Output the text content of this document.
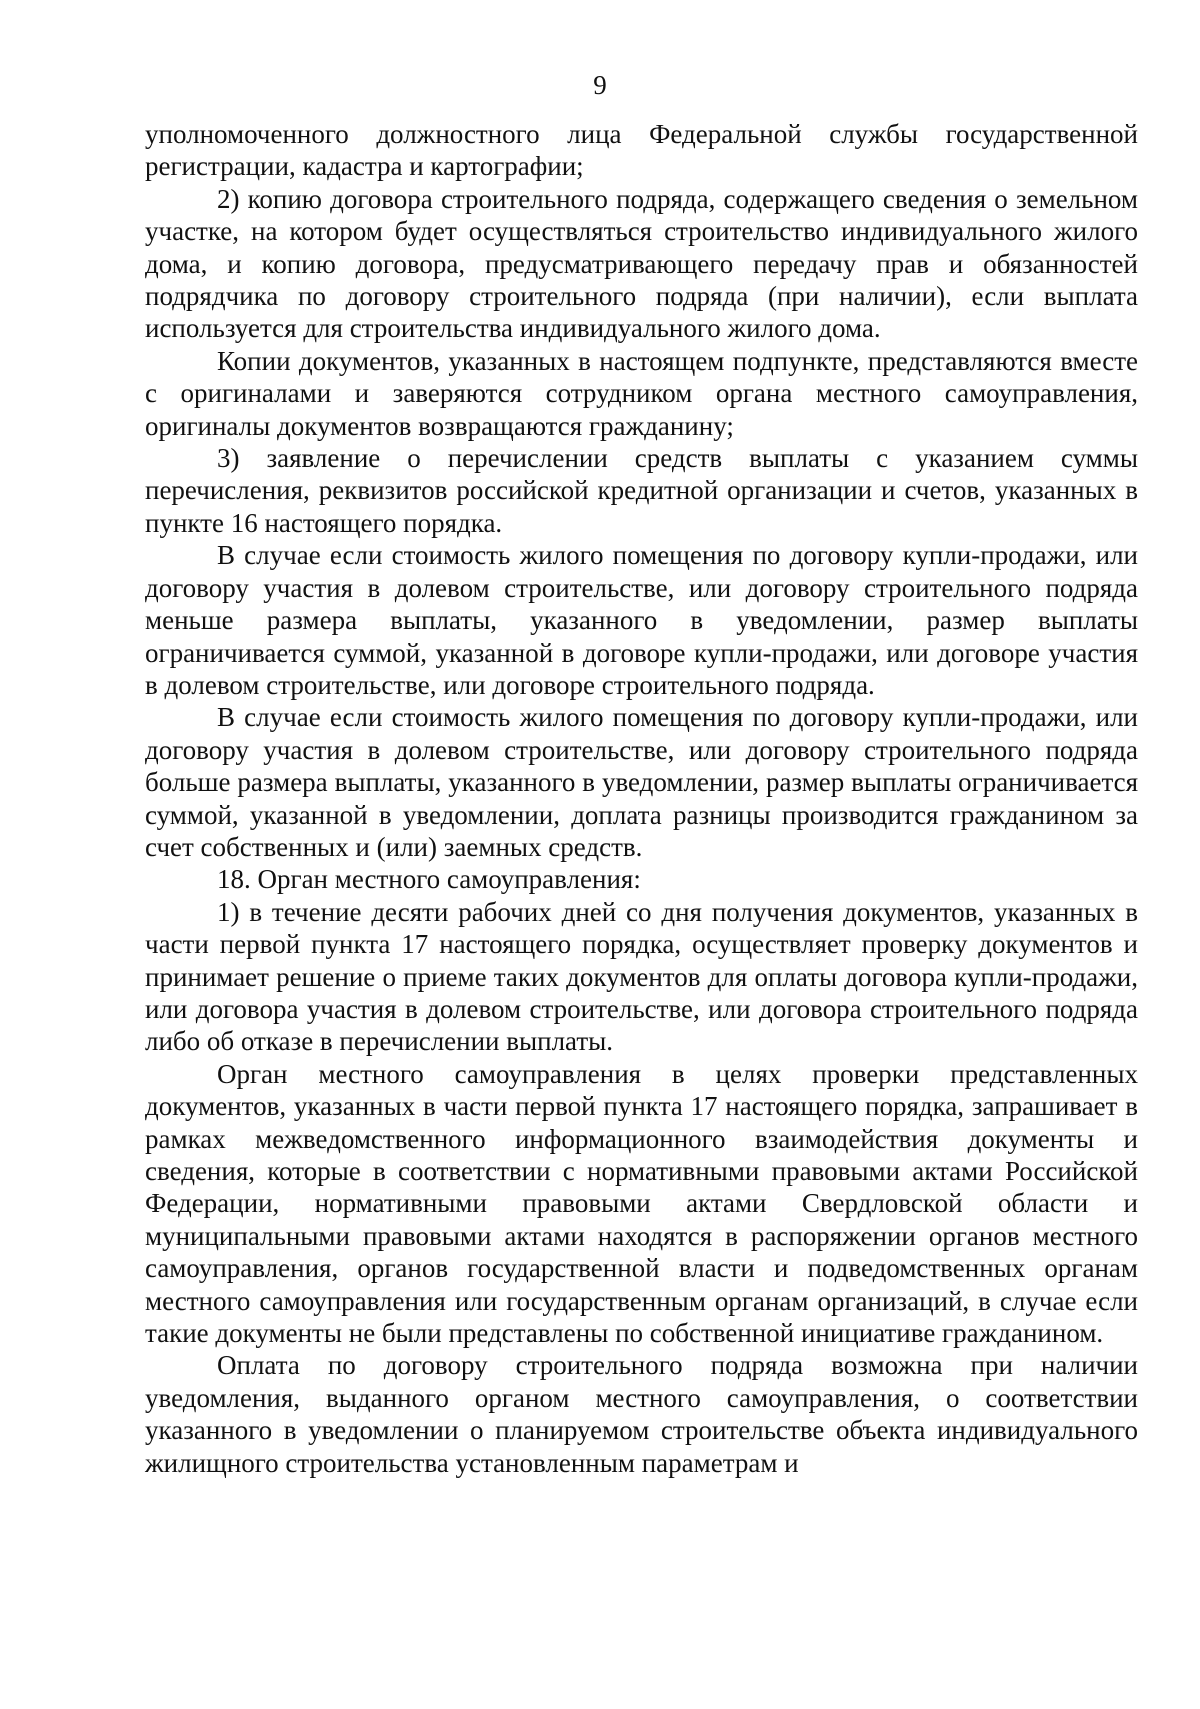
9

уполномоченного должностного лица Федеральной службы государственной регистрации, кадастра и картографии;

2) копию договора строительного подряда, содержащего сведения о земельном участке, на котором будет осуществляться строительство индивидуального жилого дома, и копию договора, предусматривающего передачу прав и обязанностей подрядчика по договору строительного подряда (при наличии), если выплата используется для строительства индивидуального жилого дома.

Копии документов, указанных в настоящем подпункте, представляются вместе с оригиналами и заверяются сотрудником органа местного самоуправления, оригиналы документов возвращаются гражданину;

3) заявление о перечислении средств выплаты с указанием суммы перечисления, реквизитов российской кредитной организации и счетов, указанных в пункте 16 настоящего порядка.

В случае если стоимость жилого помещения по договору купли-продажи, или договору участия в долевом строительстве, или договору строительного подряда меньше размера выплаты, указанного в уведомлении, размер выплаты ограничивается суммой, указанной в договоре купли-продажи, или договоре участия в долевом строительстве, или договоре строительного подряда.

В случае если стоимость жилого помещения по договору купли-продажи, или договору участия в долевом строительстве, или договору строительного подряда больше размера выплаты, указанного в уведомлении, размер выплаты ограничивается суммой, указанной в уведомлении, доплата разницы производится гражданином за счет собственных и (или) заемных средств.

18. Орган местного самоуправления:

1) в течение десяти рабочих дней со дня получения документов, указанных в части первой пункта 17 настоящего порядка, осуществляет проверку документов и принимает решение о приеме таких документов для оплаты договора купли-продажи, или договора участия в долевом строительстве, или договора строительного подряда либо об отказе в перечислении выплаты.

Орган местного самоуправления в целях проверки представленных документов, указанных в части первой пункта 17 настоящего порядка, запрашивает в рамках межведомственного информационного взаимодействия документы и сведения, которые в соответствии с нормативными правовыми актами Российской Федерации, нормативными правовыми актами Свердловской области и муниципальными правовыми актами находятся в распоряжении органов местного самоуправления, органов государственной власти и подведомственных органам местного самоуправления или государственным органам организаций, в случае если такие документы не были представлены по собственной инициативе гражданином.

Оплата по договору строительного подряда возможна при наличии уведомления, выданного органом местного самоуправления, о соответствии указанного в уведомлении о планируемом строительстве объекта индивидуального жилищного строительства установленным параметрам и
